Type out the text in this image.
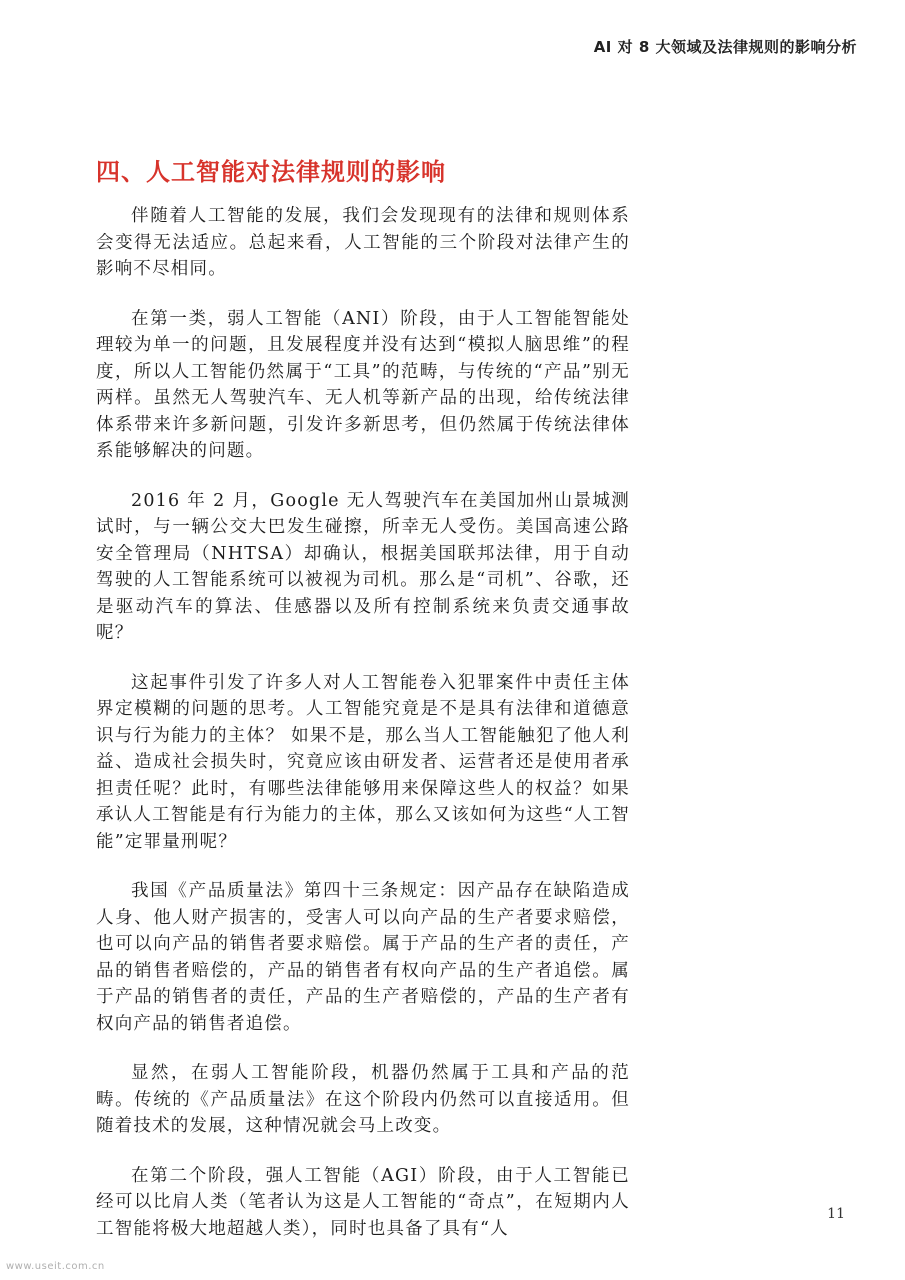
AI 对 8 大领域及法律规则的影响分析
四、人工智能对法律规则的影响

伴随着人工智能的发展，我们会发现现有的法律和规则体系会变得无法适应。总起来看，人工智能的三个阶段对法律产生的影响不尽相同。

在第一类，弱人工智能（ANI）阶段，由于人工智能智能处理较为单一的问题，且发展程度并没有达到“模拟人脑思维”的程度，所以人工智能仍然属于“工具”的范畴，与传统的“产品”别无两样。虽然无人驾驶汽车、无人机等新产品的出现，给传统法律体系带来许多新问题，引发许多新思考，但仍然属于传统法律体系能够解决的问题。

2016 年 2 月，Google 无人驾驶汽车在美国加州山景城测试时，与一辆公交大巴发生碰擦，所幸无人受伤。美国高速公路安全管理局（NHTSA）却确认，根据美国联邦法律，用于自动驾驶的人工智能系统可以被视为司机。那么是“司机”、谷歌，还是驱动汽车的算法、佳感器以及所有控制系统来负责交通事故呢？

这起事件引发了许多人对人工智能卷入犯罪案件中责任主体界定模糊的问题的思考。人工智能究竟是不是具有法律和道德意识与行为能力的主体？ 如果不是，那么当人工智能触犯了他人利益、造成社会损失时，究竟应该由研发者、运营者还是使用者承担责任呢？此时，有哪些法律能够用来保障这些人的权益？如果承认人工智能是有行为能力的主体，那么又该如何为这些“人工智能”定罪量刑呢？

我国《产品质量法》第四十三条规定：因产品存在缺陷造成人身、他人财产损害的，受害人可以向产品的生产者要求赔偿，也可以向产品的销售者要求赔偿。属于产品的生产者的责任，产品的销售者赔偿的，产品的销售者有权向产品的生产者追偿。属于产品的销售者的责任，产品的生产者赔偿的，产品的生产者有权向产品的销售者追偿。

显然，在弱人工智能阶段，机器仍然属于工具和产品的范畴。传统的《产品质量法》在这个阶段内仍然可以直接适用。但随着技术的发展，这种情况就会马上改变。

在第二个阶段，强人工智能（AGI）阶段，由于人工智能已经可以比肩人类（笔者认为这是人工智能的“奇点”，在短期内人工智能将极大地超越人类），同时也具备了具有“人

11
www.useit.com.cn
